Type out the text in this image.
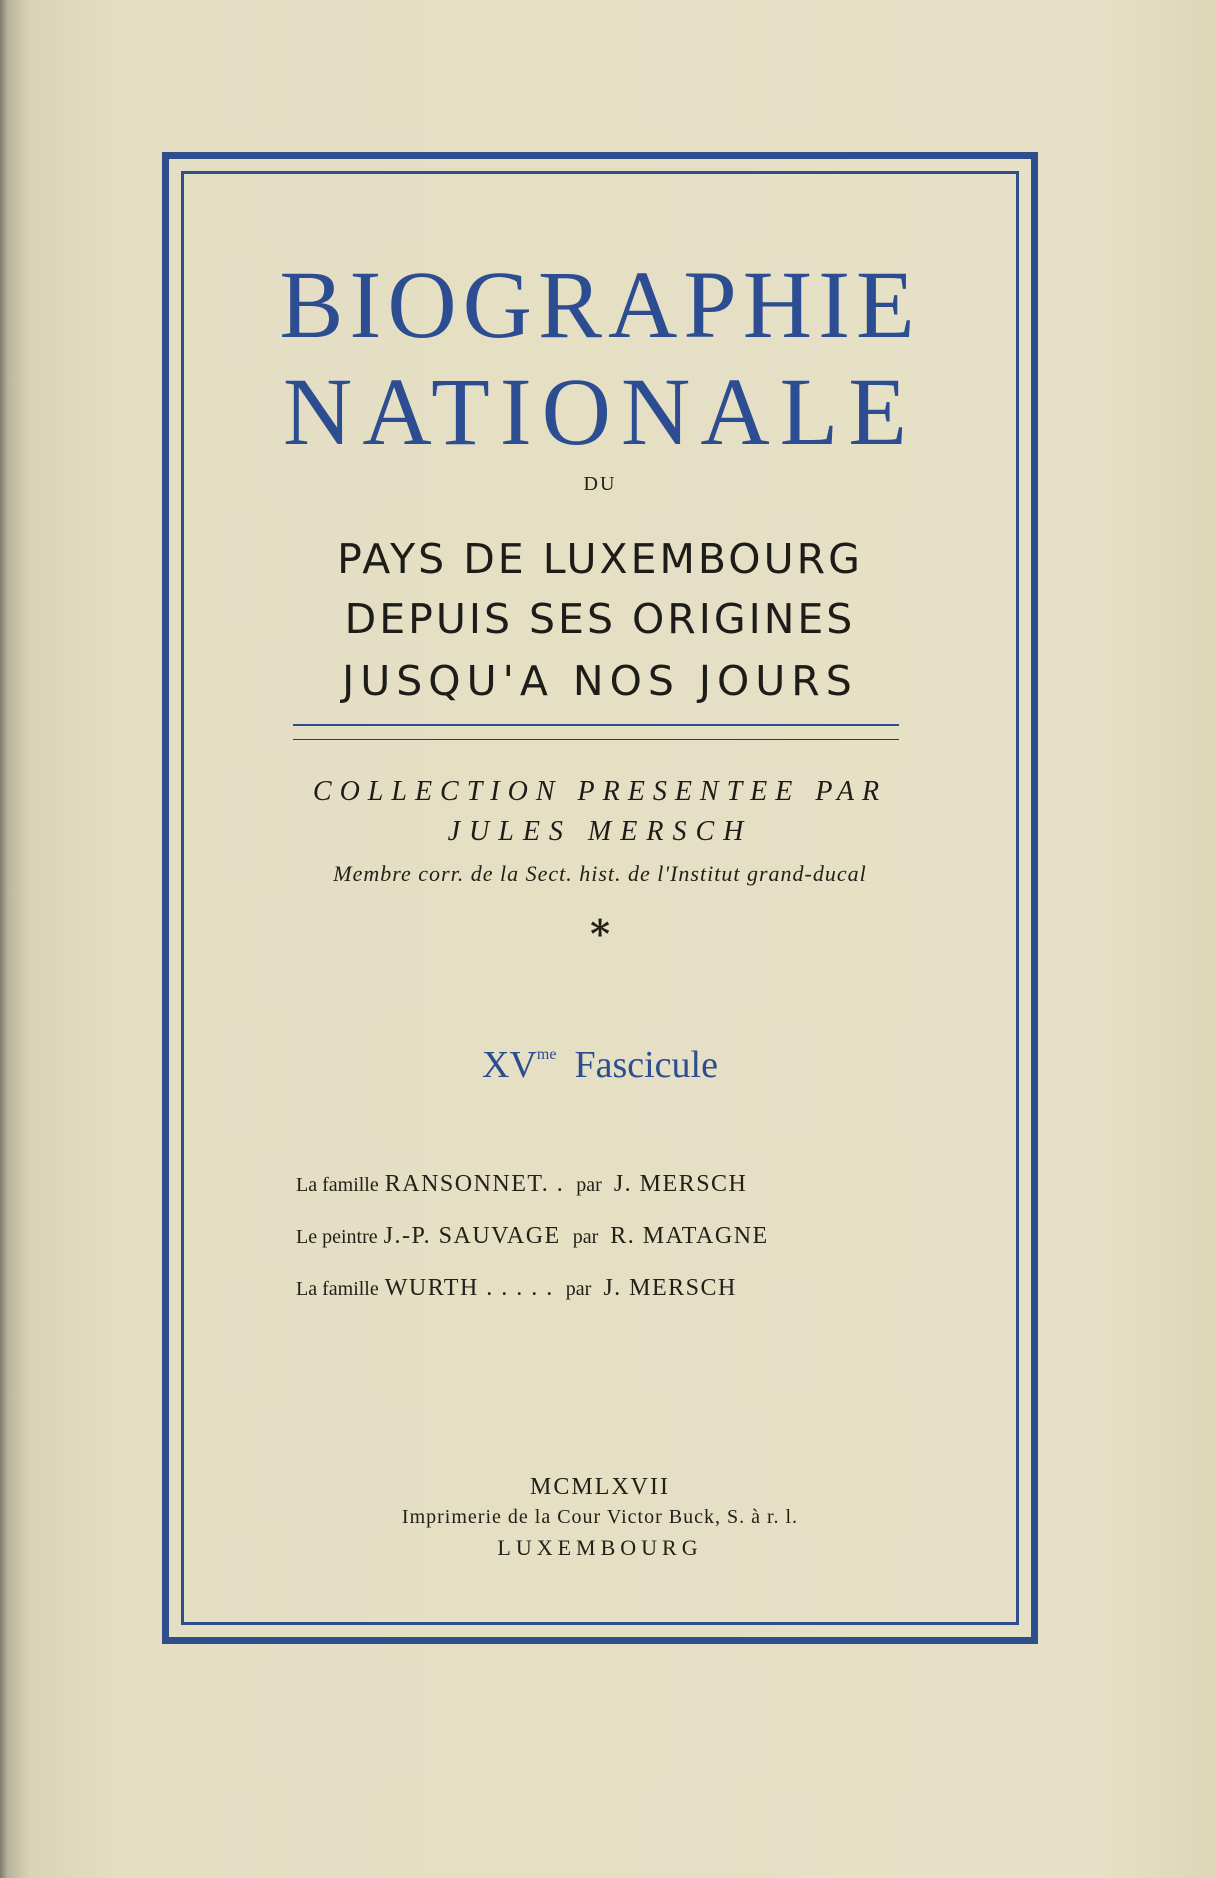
BIOGRAPHIE
NATIONALE
DU
PAYS DE LUXEMBOURG
DEPUIS SES ORIGINES
JUSQU'A NOS JOURS
COLLECTION PRESENTEE PAR
JULES MERSCH
Membre corr. de la Sect. hist. de l'Institut grand-ducal
*
$XV^{me}$ Fascicule
La famille RANSONNET. . par J. MERSCH
Le peintre J.-P. SAUVAGE par R. MATAGNE
La famille WURTH . . . . . par J. MERSCH
MCMLXVII
Imprimerie de la Cour Victor Buck, S. à r. l.
LUXEMBOURG
